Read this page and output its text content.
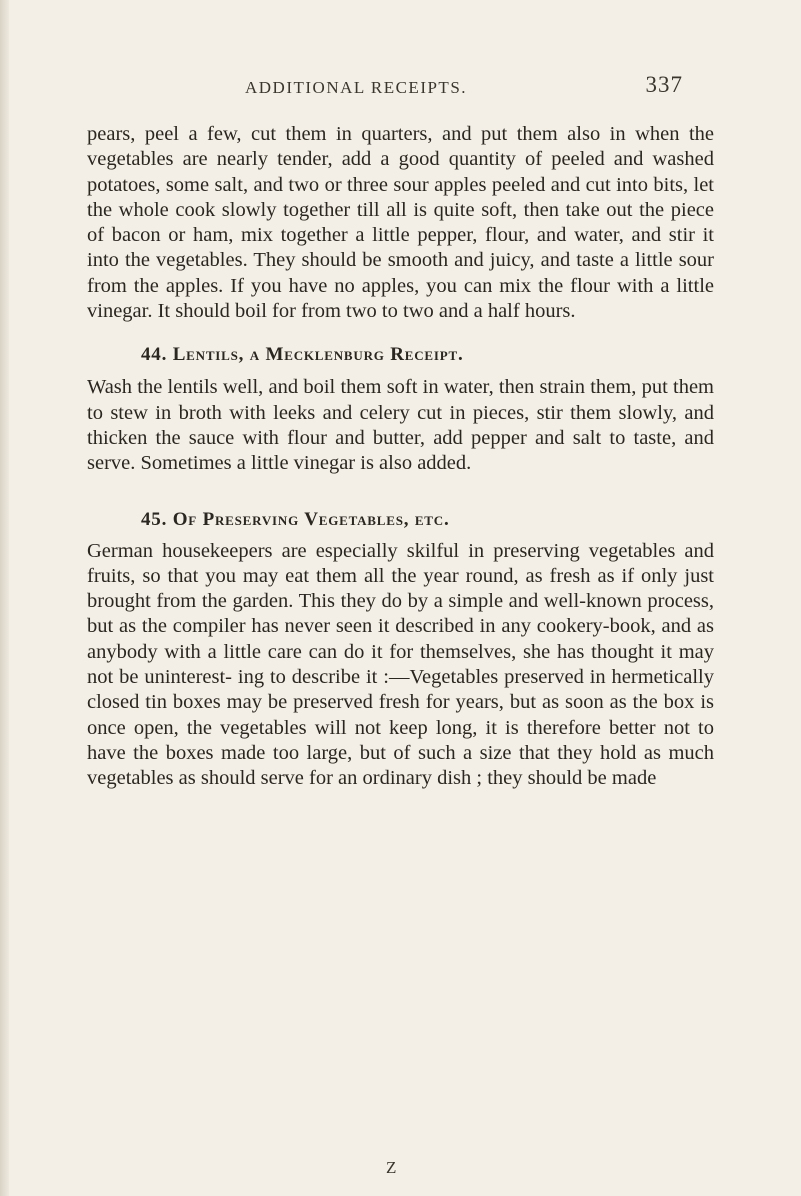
ADDITIONAL RECEIPTS.	337

pears, peel a few, cut them in quarters, and put them also in when the vegetables are nearly tender, add a good quantity of peeled and washed potatoes, some salt, and two or three sour apples peeled and cut into bits, let the whole cook slowly together till all is quite soft, then take out the piece of bacon or ham, mix together a little pepper, flour, and water, and stir it into the vegetables. They should be smooth and juicy, and taste a little sour from the apples. If you have no apples, you can mix the flour with a little vinegar. It should boil for from two to two and a half hours.

44. Lentils, a Mecklenburg Receipt.

Wash the lentils well, and boil them soft in water, then strain them, put them to stew in broth with leeks and celery cut in pieces, stir them slowly, and thicken the sauce with flour and butter, add pepper and salt to taste, and serve. Sometimes a little vinegar is also added.

45. Of Preserving Vegetables, etc.

German housekeepers are especially skilful in preserving vegetables and fruits, so that you may eat them all the year round, as fresh as if only just brought from the garden. This they do by a simple and well-known process, but as the compiler has never seen it described in any cookery-book, and as anybody with a little care can do it for themselves, she has thought it may not be uninterest- ing to describe it :—Vegetables preserved in hermetically closed tin boxes may be preserved fresh for years, but as soon as the box is once open, the vegetables will not keep long, it is therefore better not to have the boxes made too large, but of such a size that they hold as much vegetables as should serve for an ordinary dish ; they should be made

Z
